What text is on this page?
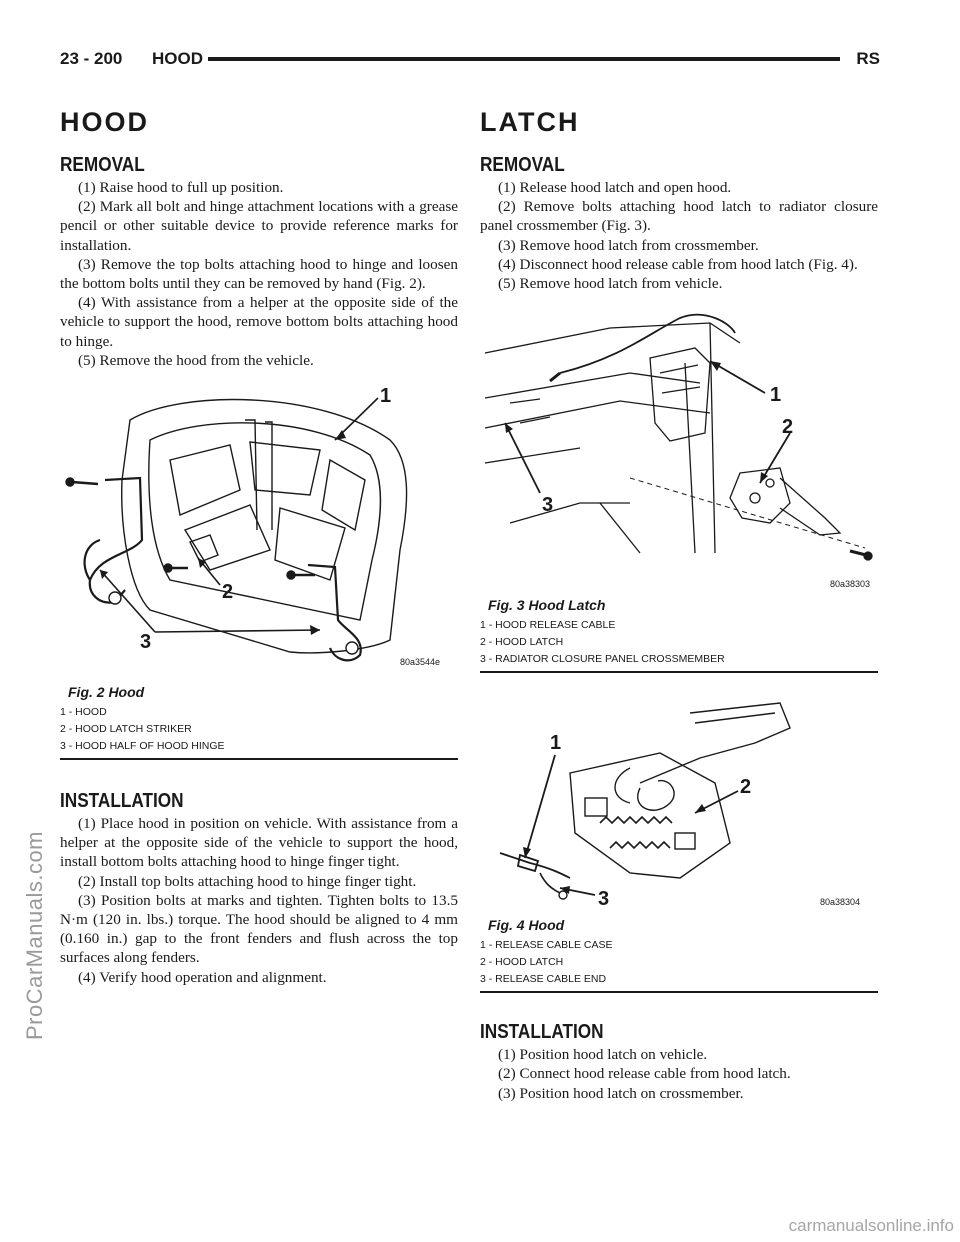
23 - 200 HOOD	RS
HOOD
REMOVAL

(1) Raise hood to full up position.

(2) Mark all bolt and hinge attachment locations with a grease pencil or other suitable device to provide reference marks for installation.

(3) Remove the top bolts attaching hood to hinge and loosen the bottom bolts until they can be removed by hand (Fig. 2).

(4) With assistance from a helper at the opposite side of the vehicle to support the hood, remove bottom bolts attaching hood to hinge.

(5) Remove the hood from the vehicle.

1
2
3
80a3544e
Fig. 2 Hood
1 - HOOD
2 - HOOD LATCH STRIKER
3 - HOOD HALF OF HOOD HINGE
INSTALLATION

(1) Place hood in position on vehicle. With assistance from a helper at the opposite side of the vehicle to support the hood, install bottom bolts attaching hood to hinge finger tight.

(2) Install top bolts attaching hood to hinge finger tight.

(3) Position bolts at marks and tighten. Tighten bolts to 13.5 N·m (120 in. lbs.) torque. The hood should be aligned to 4 mm (0.160 in.) gap to the front fenders and flush across the top surfaces along fenders.

(4) Verify hood operation and alignment.

LATCH
REMOVAL

(1) Release hood latch and open hood.

(2) Remove bolts attaching hood latch to radiator closure panel crossmember (Fig. 3).

(3) Remove hood latch from crossmember.

(4) Disconnect hood release cable from hood latch (Fig. 4).

(5) Remove hood latch from vehicle.

1
2
3
80a38303
Fig. 3 Hood Latch
1 - HOOD RELEASE CABLE
2 - HOOD LATCH
3 - RADIATOR CLOSURE PANEL CROSSMEMBER
1
2
3	80a38304
Fig. 4 Hood
1 - RELEASE CABLE CASE
2 - HOOD LATCH
3 - RELEASE CABLE END
INSTALLATION

(1) Position hood latch on vehicle.

(2) Connect hood release cable from hood latch.

(3) Position hood latch on crossmember.

ProCarManuals.com
carmanualsonline.info
